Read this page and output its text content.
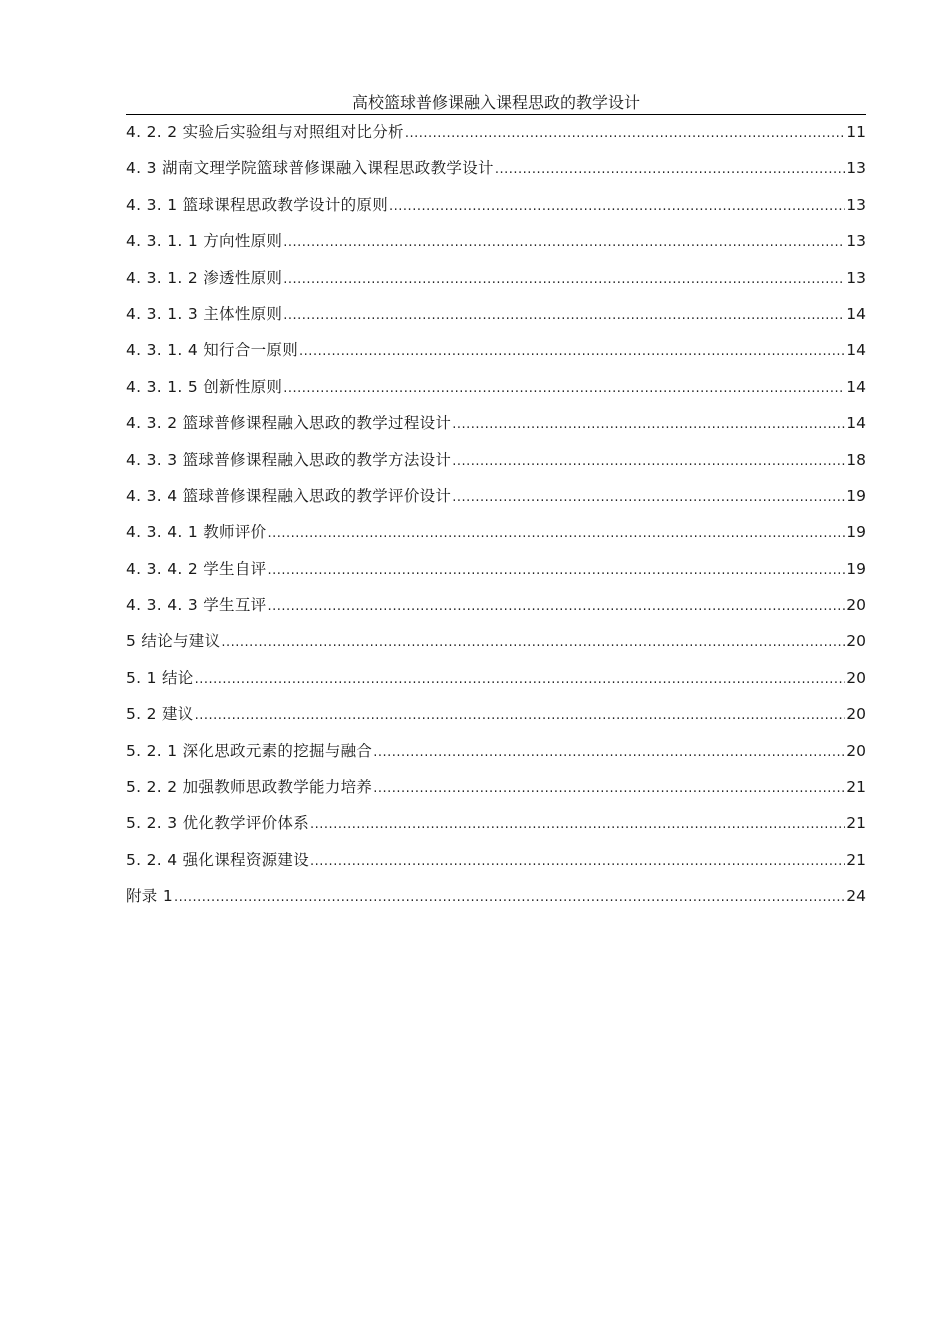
高校篮球普修课融入课程思政的教学设计
4. 2. 2 实验后实验组与对照组对比分析 .....	11
4. 3 湖南文理学院篮球普修课融入课程思政教学设计 .....	13
4. 3. 1 篮球课程思政教学设计的原则 .....	13
4. 3. 1. 1 方向性原则 .....	13
4. 3. 1. 2 渗透性原则 .....	13
4. 3. 1. 3 主体性原则 .....	14
4. 3. 1. 4 知行合一原则 .....	14
4. 3. 1. 5 创新性原则 .....	14
4. 3. 2 篮球普修课程融入思政的教学过程设计 .....	14
4. 3. 3 篮球普修课程融入思政的教学方法设计 .....	18
4. 3. 4 篮球普修课程融入思政的教学评价设计 .....	19
4. 3. 4. 1 教师评价 .....	19
4. 3. 4. 2 学生自评 .....	19
4. 3. 4. 3 学生互评 .....	20
5 结论与建议 .....	20
5. 1 结论 .....	20
5. 2 建议 .....	20
5. 2. 1 深化思政元素的挖掘与融合 .....	20
5. 2. 2 加强教师思政教学能力培养 .....	21
5. 2. 3 优化教学评价体系 .....	21
5. 2. 4 强化课程资源建设 .....	21
附录 1 .....	24
